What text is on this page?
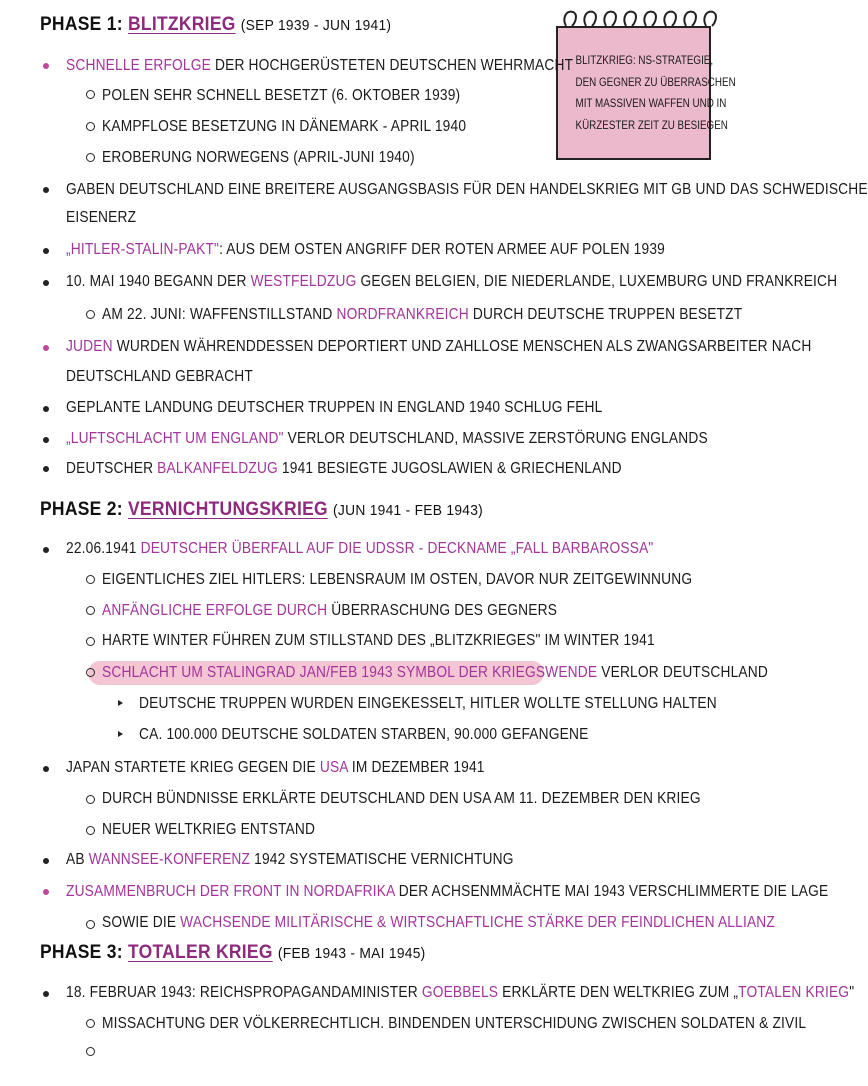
BLITZKRIEG: NS-STRATEGIE,
DEN GEGNER ZU ÜBERRASCHEN
MIT MASSIVEN WAFFEN UND IN
KÜRZESTER ZEIT ZU BESIEGEN
PHASE 1: BLITZKRIEG (SEP 1939 - JUN 1941)
SCHNELLE ERFOLGE DER HOCHGERÜSTETEN DEUTSCHEN WEHRMACHT
POLEN SEHR SCHNELL BESETZT (6. OKTOBER 1939)
KAMPFLOSE BESETZUNG IN DÄNEMARK - APRIL 1940
EROBERUNG NORWEGENS (APRIL-JUNI 1940)
GABEN DEUTSCHLAND EINE BREITERE AUSGANGSBASIS FÜR DEN HANDELSKRIEG MIT GB UND DAS SCHWEDISCHE
EISENERZ
„HITLER-STALIN-PAKT": AUS DEM OSTEN ANGRIFF DER ROTEN ARMEE AUF POLEN 1939
10. MAI 1940 BEGANN DER WESTFELDZUG GEGEN BELGIEN, DIE NIEDERLANDE, LUXEMBURG UND FRANKREICH
AM 22. JUNI: WAFFENSTILLSTAND NORDFRANKREICH DURCH DEUTSCHE TRUPPEN BESETZT
JUDEN WURDEN WÄHRENDDESSEN DEPORTIERT UND ZAHLLOSE MENSCHEN ALS ZWANGSARBEITER NACH
DEUTSCHLAND GEBRACHT
GEPLANTE LANDUNG DEUTSCHER TRUPPEN IN ENGLAND 1940 SCHLUG FEHL
„LUFTSCHLACHT UM ENGLAND" VERLOR DEUTSCHLAND, MASSIVE ZERSTÖRUNG ENGLANDS
DEUTSCHER BALKANFELDZUG 1941 BESIEGTE JUGOSLAWIEN & GRIECHENLAND
PHASE 2: VERNICHTUNGSKRIEG (JUN 1941 - FEB 1943)
22.06.1941 DEUTSCHER ÜBERFALL AUF DIE UDSSR - DECKNAME „FALL BARBAROSSA"
EIGENTLICHES ZIEL HITLERS: LEBENSRAUM IM OSTEN, DAVOR NUR ZEITGEWINNUNG
ANFÄNGLICHE ERFOLGE DURCH ÜBERRASCHUNG DES GEGNERS
HARTE WINTER FÜHREN ZUM STILLSTAND DES „BLITZKRIEGES" IM WINTER 1941
SCHLACHT UM STALINGRAD JAN/FEB 1943 SYMBOL DER KRIEGSWENDE VERLOR DEUTSCHLAND
DEUTSCHE TRUPPEN WURDEN EINGEKESSELT, HITLER WOLLTE STELLUNG HALTEN
CA. 100.000 DEUTSCHE SOLDATEN STARBEN, 90.000 GEFANGENE
JAPAN STARTETE KRIEG GEGEN DIE USA IM DEZEMBER 1941
DURCH BÜNDNISSE ERKLÄRTE DEUTSCHLAND DEN USA AM 11. DEZEMBER DEN KRIEG
NEUER WELTKRIEG ENTSTAND
AB WANNSEE-KONFERENZ 1942 SYSTEMATISCHE VERNICHTUNG
ZUSAMMENBRUCH DER FRONT IN NORDAFRIKA DER ACHSENMMÄCHTE MAI 1943 VERSCHLIMMERTE DIE LAGE
SOWIE DIE WACHSENDE MILITÄRISCHE & WIRTSCHAFTLICHE STÄRKE DER FEINDLICHEN ALLIANZ
PHASE 3: TOTALER KRIEG (FEB 1943 - MAI 1945)
18. FEBRUAR 1943: REICHSPROPAGANDAMINISTER GOEBBELS ERKLÄRTE DEN WELTKRIEG ZUM „TOTALEN KRIEG"
MISSACHTUNG DER VÖLKERRECHTLICH. BINDENDEN UNTERSCHIDUNG ZWISCHEN SOLDATEN & ZIVIL
